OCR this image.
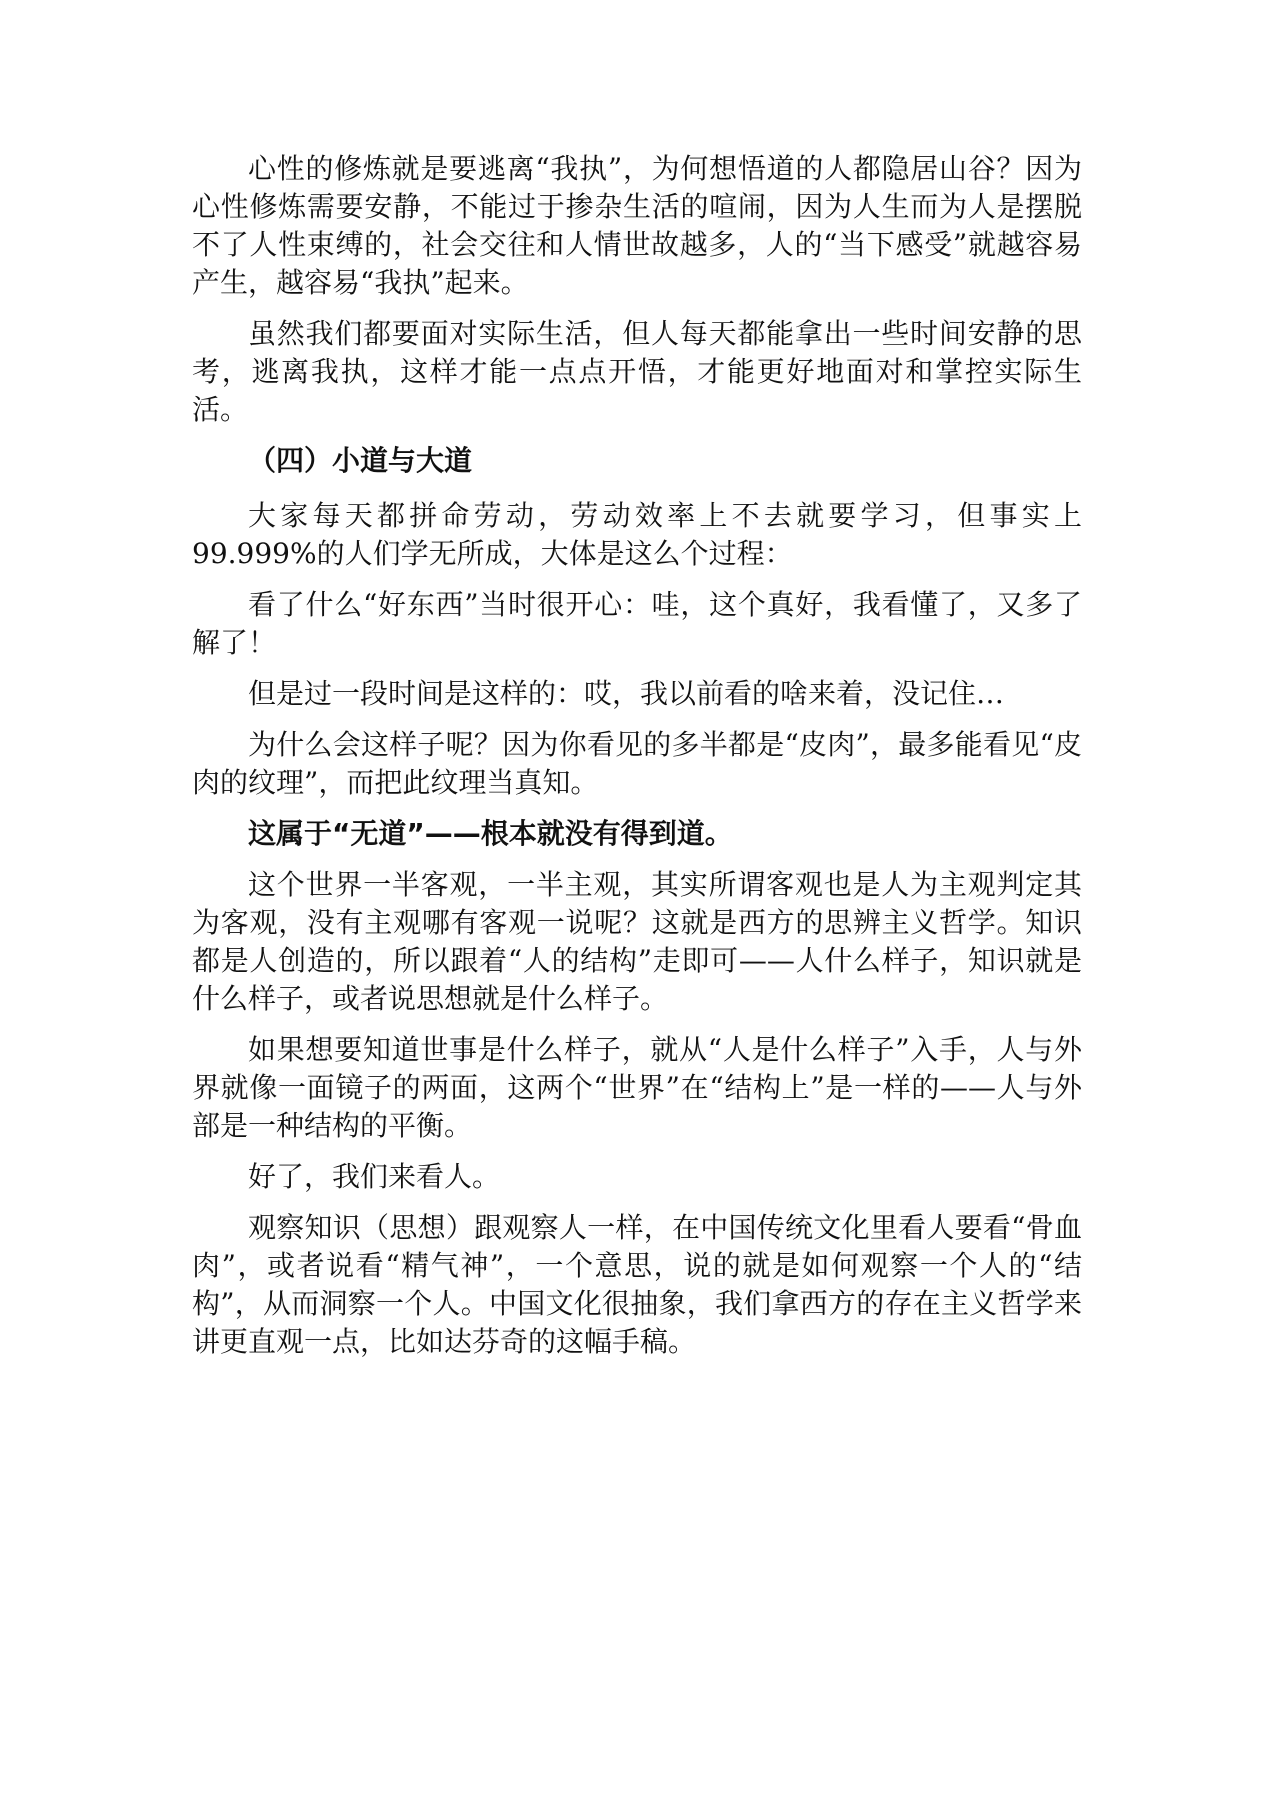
心性的修炼就是要逃离“我执”，为何想悟道的人都隐居山谷？因为心性修炼需要安静，不能过于掺杂生活的喧闹，因为人生而为人是摆脱不了人性束缚的，社会交往和人情世故越多，人的“当下感受”就越容易产生，越容易“我执”起来。

虽然我们都要面对实际生活，但人每天都能拿出一些时间安静的思考，逃离我执，这样才能一点点开悟，才能更好地面对和掌控实际生活。

（四）小道与大道

大家每天都拼命劳动，劳动效率上不去就要学习，但事实上99.999%的人们学无所成，大体是这么个过程：

看了什么“好东西”当时很开心：哇，这个真好，我看懂了，又多了解了！

但是过一段时间是这样的：哎，我以前看的啥来着，没记住…

为什么会这样子呢？因为你看见的多半都是“皮肉”，最多能看见“皮肉的纹理”，而把此纹理当真知。

这属于“无道”——根本就没有得到道。

这个世界一半客观，一半主观，其实所谓客观也是人为主观判定其为客观，没有主观哪有客观一说呢？这就是西方的思辨主义哲学。知识都是人创造的，所以跟着“人的结构”走即可——人什么样子，知识就是什么样子，或者说思想就是什么样子。

如果想要知道世事是什么样子，就从“人是什么样子”入手，人与外界就像一面镜子的两面，这两个“世界”在“结构上”是一样的——人与外部是一种结构的平衡。

好了，我们来看人。

观察知识（思想）跟观察人一样，在中国传统文化里看人要看“骨血肉”，或者说看“精气神”，一个意思，说的就是如何观察一个人的“结构”，从而洞察一个人。中国文化很抽象，我们拿西方的存在主义哲学来讲更直观一点，比如达芬奇的这幅手稿。
